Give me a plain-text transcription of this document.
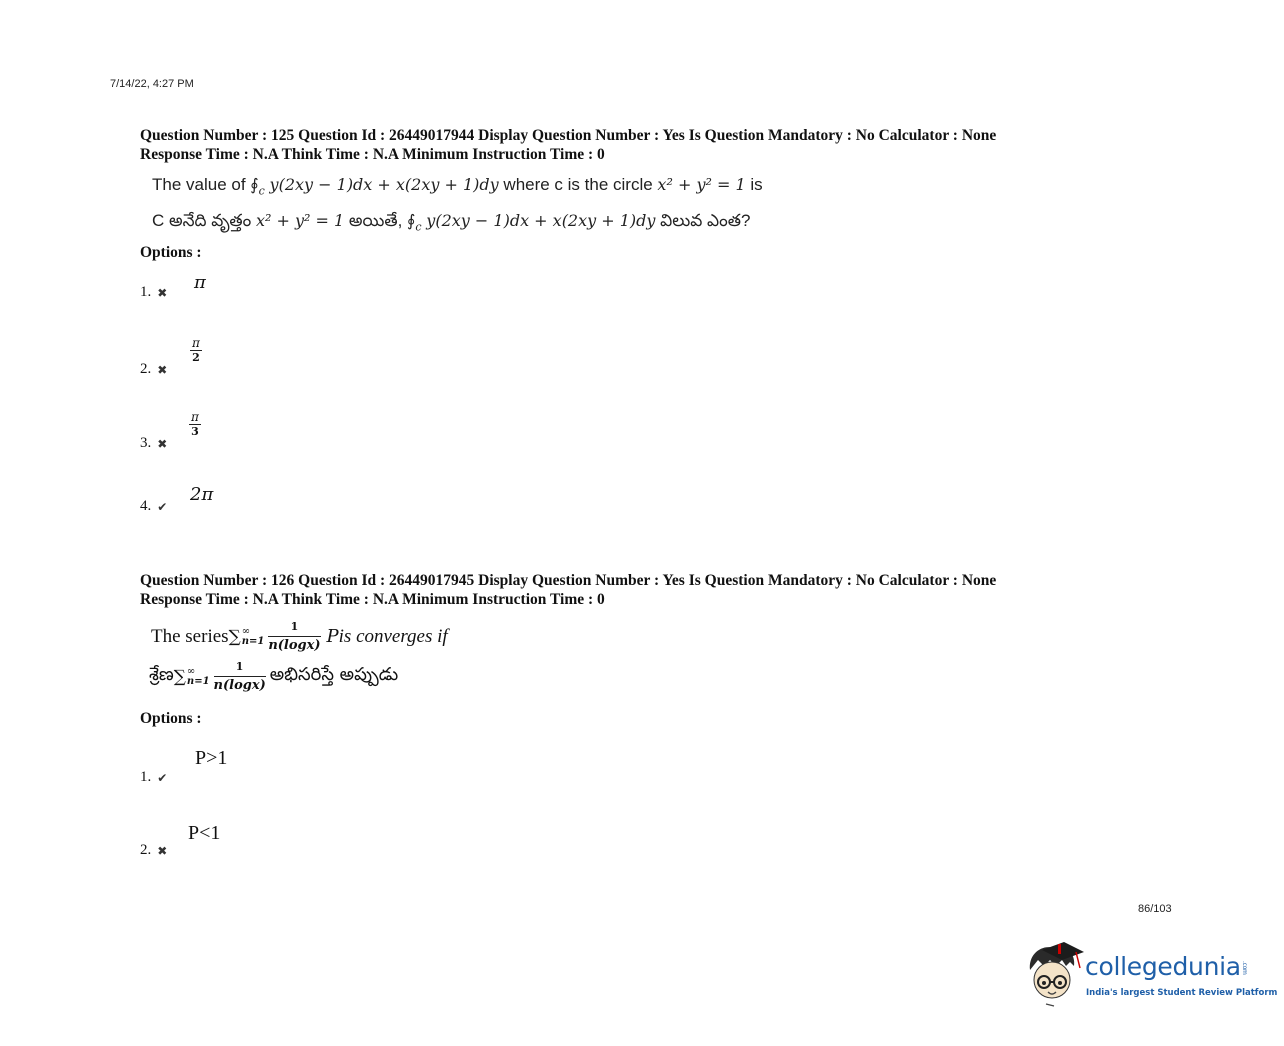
7/14/22, 4:27 PM
Question Number : 125 Question Id : 26449017944 Display Question Number : Yes Is Question Mandatory : No Calculator : None
Response Time : N.A Think Time : N.A Minimum Instruction Time : 0
The value of $∮_c$ y(2xy − 1)dx + x(2xy + 1)dy where c is the circle x² + y² = 1 is
C అనేది వృత్తం x² + y² = 1 అయితే, $∮_c$ y(2xy − 1)dx + x(2xy + 1)dy విలువ ఎంత?
Options :
1. ✖ π
2. ✖
π
2
3. ✖
π
3
4. ✔
2π
Question Number : 126 Question Id : 26449017945 Display Question Number : Yes Is Question Mandatory : No Calculator : None
Response Time : N.A Think Time : N.A Minimum Instruction Time : 0
The series ∑ ∞
n=1
1
n(logx) P is converges if
శ్రేణ ∑ ∞
n=1
1
n(logx)
అభిసరిస్తే అప్పుడు
Options :
1. ✔
P>1
2. ✖
P<1
86/103
collegedunia.com
India's largest Student Review Platform
